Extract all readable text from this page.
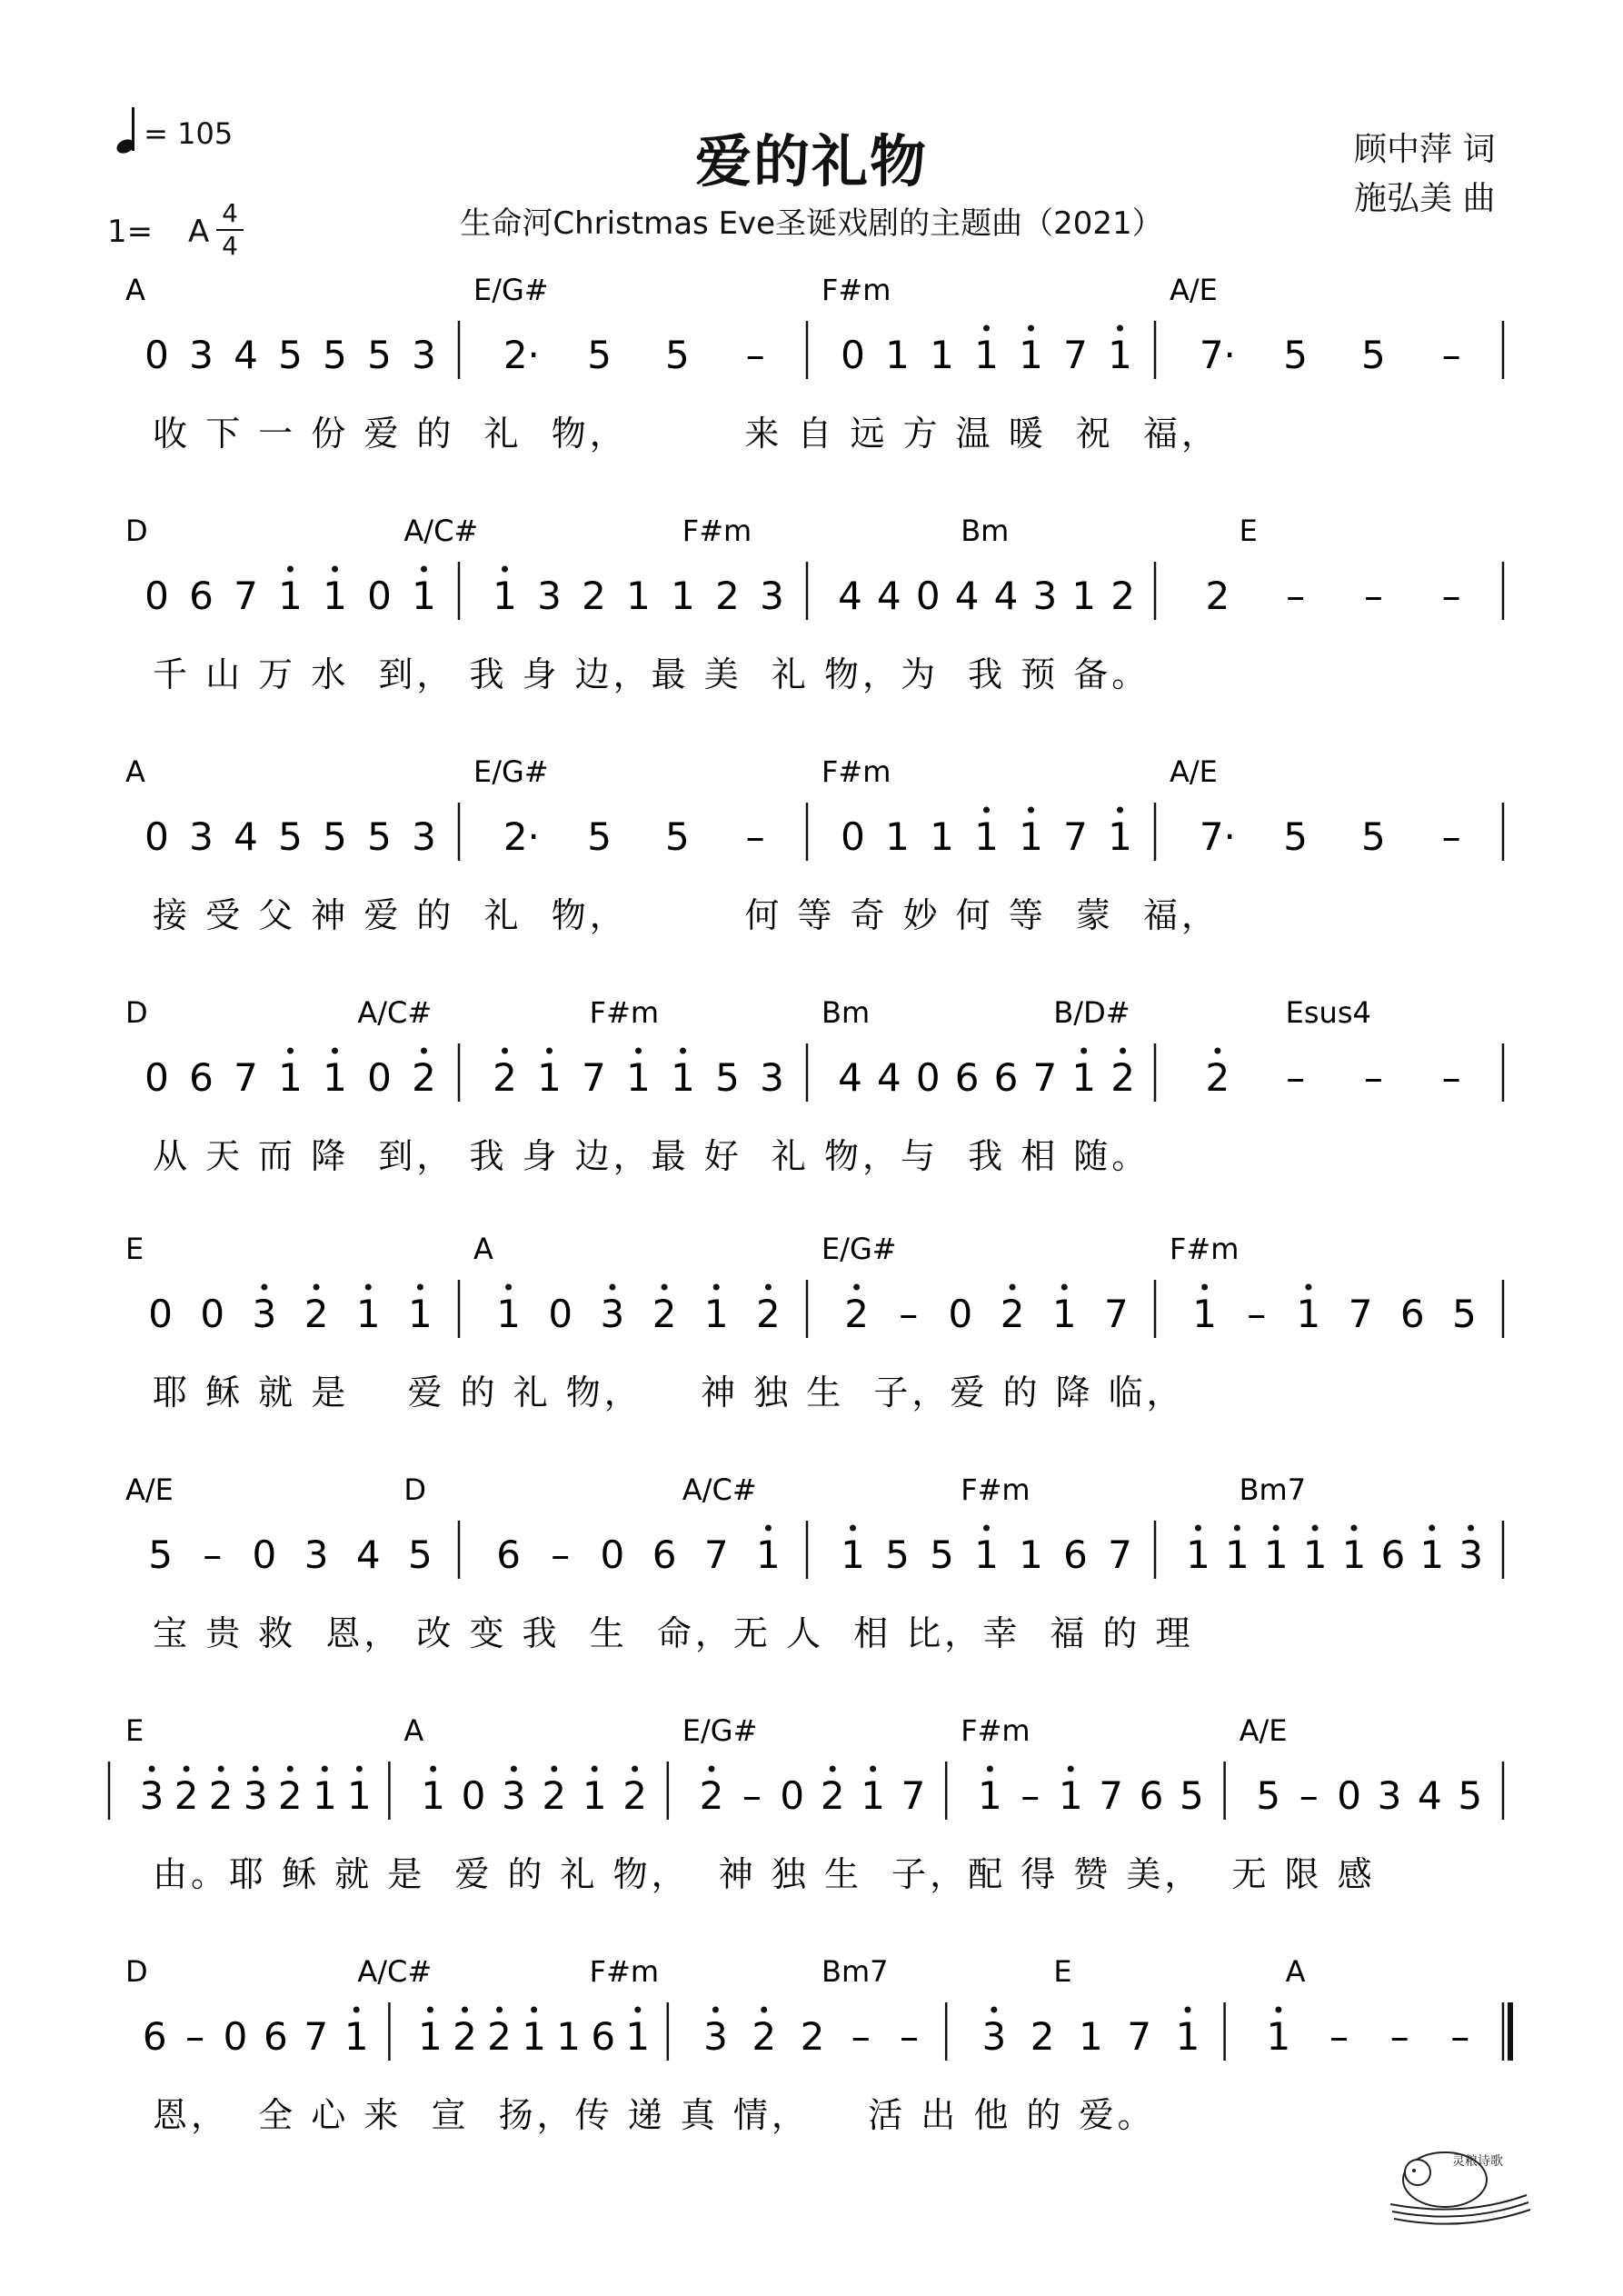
= 105	爱的礼物
生命河Christmas Eve圣诞戏剧的主题曲（2021）
1= A
4
4
顾中萍 词
施弘美 曲
A	E/G#	F#m	A/E
0 3 4 5 5 5 3 2· 5 5 – 0 1 1 1 1 7 1 7· 5 5 –
收 下 一 份 爱 的  礼  物，        来 自 远 方 温 暖  祝  福，
D	A/C#	F#m	Bm	E
0 6 7 1 1 0 1 1 3 2 1 1 2 3 4 4 0 4 4 3 1 2 2 – – –
千 山 万 水  到， 我 身 边，最 美  礼 物，为  我 预 备。
A	E/G#	F#m	A/E
0 3 4 5 5 5 3 2· 5 5 – 0 1 1 1 1 7 1 7· 5 5 –
接 受 父 神 爱 的  礼  物，        何 等 奇 妙 何 等  蒙  福，
D	A/C#	F#m	Bm	B/D#	Esus4
0 6 7 1 1 0 2 2 1 7 1 1 5 3 4 4 0 6 6 7 1 2 2 – – –
从 天 而 降  到， 我 身 边，最 好  礼 物，与  我 相 随。
E	A	E/G#	F#m
0 0 3 2 1 1 1 0 3 2 1 2 2 – 0 2 1 7 1 – 1 7 6 5
耶 稣 就 是    爱 的 礼 物，    神 独 生  子，爱 的 降 临，
A/E	D	A/C#	F#m	Bm7
5 – 0 3 4 5 6 – 0 6 7 1 1 5 5 1 1 6 7 1 1 1 1 1 6 1 3
宝 贵 救  恩， 改 变 我  生  命，无 人  相 比，幸  福 的 理
E	A	E/G#	F#m	A/E
3 2 2 3 2 1 1 1 0 3 2 1 2 2 – 0 2 1 7 1 – 1 7 6 5 5 – 0 3 4 5
由。耶 稣 就 是  爱 的 礼 物，  神 独 生  子，配 得 赞 美，  无 限 感
D	A/C#	F#m	Bm7	E	A
6 – 0 6 7 1 1 2 2 1 1 6 1 3 2 2 – – 3 2 1 7 1 1 – – –
恩，  全 心 来  宣  扬，传 递 真 情，    活 出 他 的 爱。
灵粮诗歌
